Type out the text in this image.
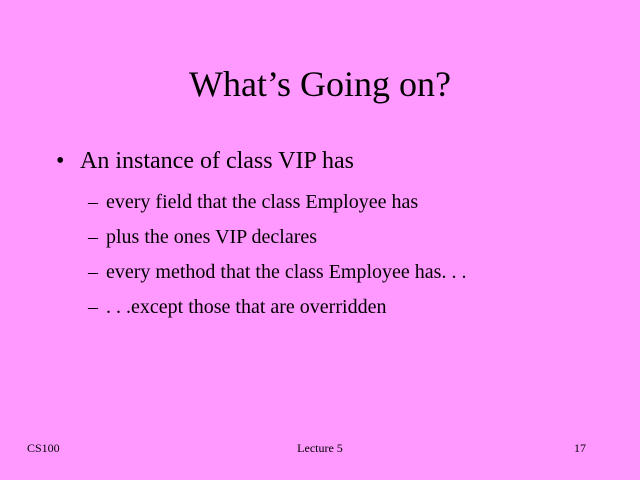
What’s Going on?
• An instance of class VIP has
– every field that the class Employee has
– plus the ones VIP declares
– every method that the class Employee has. . .
– . . .except those that are overridden
CS100	Lecture 5	17
